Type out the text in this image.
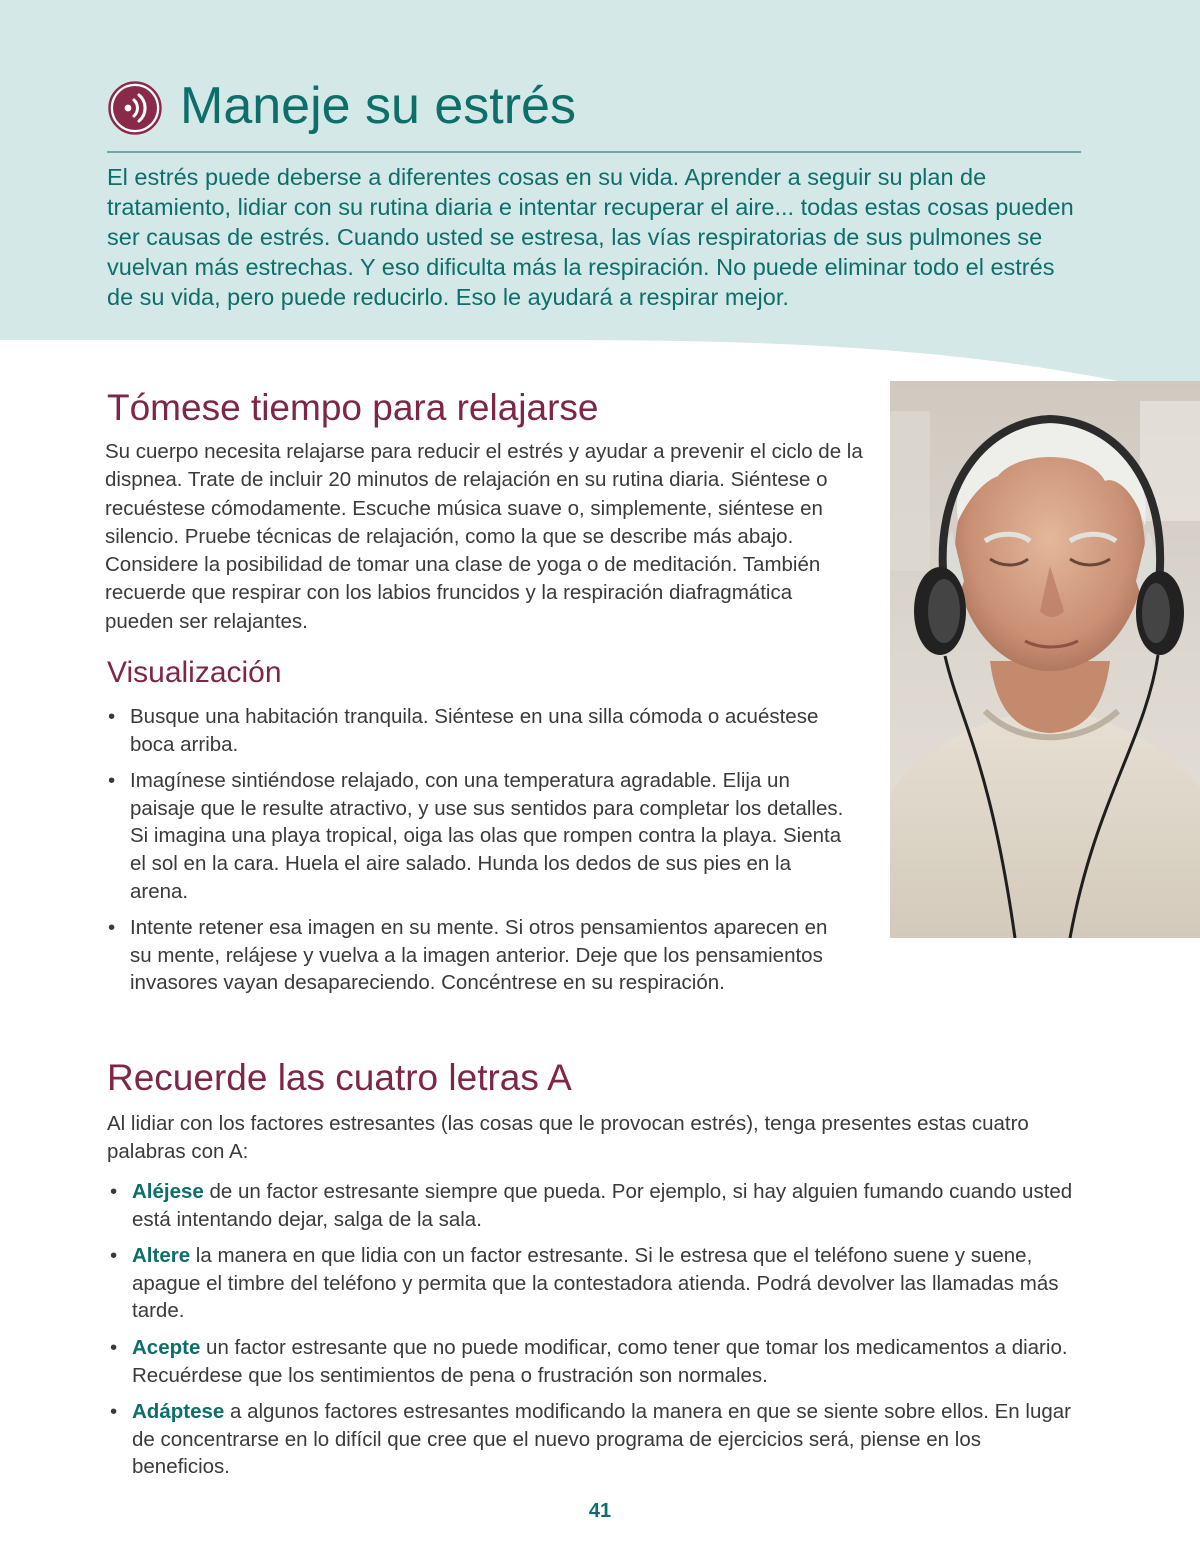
Maneje su estrés

El estrés puede deberse a diferentes cosas en su vida. Aprender a seguir su plan de tratamiento, lidiar con su rutina diaria e intentar recuperar el aire... todas estas cosas pueden ser causas de estrés. Cuando usted se estresa, las vías respiratorias de sus pulmones se vuelvan más estrechas. Y eso dificulta más la respiración. No puede eliminar todo el estrés de su vida, pero puede reducirlo. Eso le ayudará a respirar mejor.

Tómese tiempo para relajarse

Su cuerpo necesita relajarse para reducir el estrés y ayudar a prevenir el ciclo de la dispnea. Trate de incluir 20 minutos de relajación en su rutina diaria. Siéntese o recuéstese cómodamente. Escuche música suave o, simplemente, siéntese en silencio. Pruebe técnicas de relajación, como la que se describe más abajo. Considere la posibilidad de tomar una clase de yoga o de meditación. También recuerde que respirar con los labios fruncidos y la respiración diafragmática pueden ser relajantes.

Visualización
• Busque una habitación tranquila. Siéntese en una silla cómoda o acuéstese boca arriba.
• Imagínese sintiéndose relajado, con una temperatura agradable. Elija un paisaje que le resulte atractivo, y use sus sentidos para completar los detalles. Si imagina una playa tropical, oiga las olas que rompen contra la playa. Sienta el sol en la cara. Huela el aire salado. Hunda los dedos de sus pies en la arena.
• Intente retener esa imagen en su mente. Si otros pensamientos aparecen en su mente, relájese y vuelva a la imagen anterior. Deje que los pensamientos invasores vayan desapareciendo. Concéntrese en su respiración.
Recuerde las cuatro letras A

Al lidiar con los factores estresantes (las cosas que le provocan estrés), tenga presentes estas cuatro palabras con A:

• Aléjese de un factor estresante siempre que pueda. Por ejemplo, si hay alguien fumando cuando usted está intentando dejar, salga de la sala.
• Altere la manera en que lidia con un factor estresante. Si le estresa que el teléfono suene y suene, apague el timbre del teléfono y permita que la contestadora atienda. Podrá devolver las llamadas más tarde.
• Acepte un factor estresante que no puede modificar, como tener que tomar los medicamentos a diario. Recuérdese que los sentimientos de pena o frustración son normales.
• Adáptese a algunos factores estresantes modificando la manera en que se siente sobre ellos. En lugar de concentrarse en lo difícil que cree que el nuevo programa de ejercicios será, piense en los beneficios.
41
